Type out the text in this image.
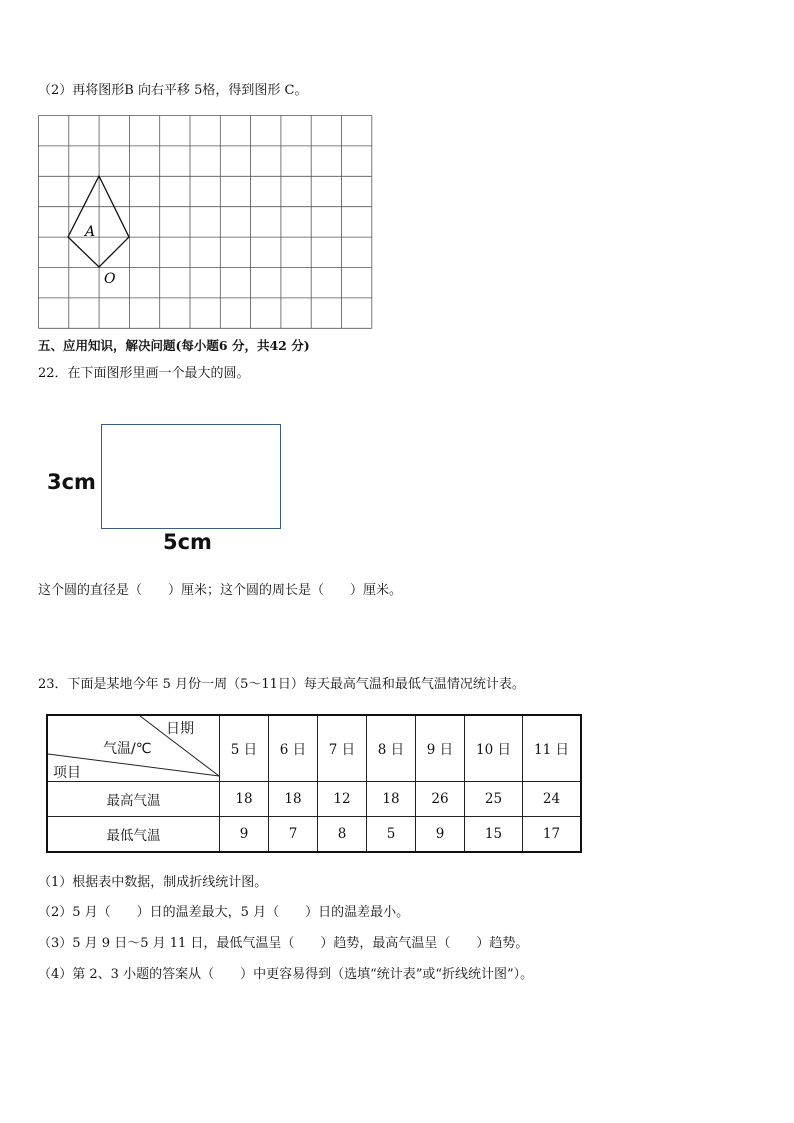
（2）再将图形B 向右平移 5格，得到图形 C。
A
O
五、应用知识，解决问题(每小题6 分，共42 分)
22．在下面图形里画一个最大的圆。
3cm
5cm
这个圆的直径是（　　）厘米；这个圆的周长是（　　）厘米。
23．下面是某地今年 5 月份一周（5～11日）每天最高气温和最低气温情况统计表。
日期
气温/℃
项目	5 日	6 日	7 日	8 日	9 日	10 日	11 日
最高气温	18	18	12	18	26	25	24
最低气温	9	7	8	5	9	15	17
（1）根据表中数据，制成折线统计图。
（2）5 月（　　）日的温差最大，5 月（　　）日的温差最小。
（3）5 月 9 日～5 月 11 日，最低气温呈（　　）趋势，最高气温呈（　　）趋势。
（4）第 2、3 小题的答案从（　　）中更容易得到（选填“统计表”或“折线统计图”）。
